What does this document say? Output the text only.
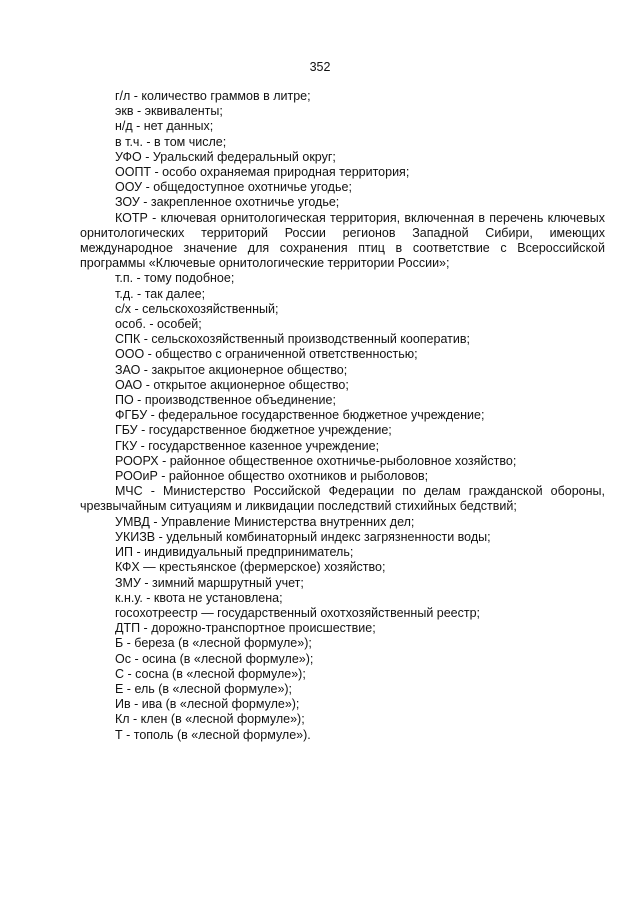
352

г/л - количество граммов в литре;

экв - эквиваленты;

н/д - нет данных;

в т.ч. - в том числе;

УФО - Уральский федеральный округ;

ООПТ - особо охраняемая природная территория;

ООУ - общедоступное охотничье угодье;

ЗОУ - закрепленное охотничье угодье;

КОТР - ключевая орнитологическая территория, включенная в перечень ключевых орнитологических территорий России регионов Западной Сибири, имеющих международное значение для сохранения птиц в соответствие с Всероссийской программы «Ключевые орнитологические территории России»;

т.п. - тому подобное;

т.д. - так далее;

с/х - сельскохозяйственный;

особ. - особей;

СПК - сельскохозяйственный производственный кооператив;

ООО - общество с ограниченной ответственностью;

ЗАО - закрытое акционерное общество;

ОАО - открытое акционерное общество;

ПО - производственное объединение;

ФГБУ - федеральное государственное бюджетное учреждение;

ГБУ - государственное бюджетное учреждение;

ГКУ - государственное казенное учреждение;

РООРХ - районное общественное охотничье-рыболовное хозяйство;

РООиР - районное общество охотников и рыболовов;

МЧС - Министерство Российской Федерации по делам гражданской обороны, чрезвычайным ситуациям и ликвидации последствий стихийных бедствий;

УМВД - Управление Министерства внутренних дел;

УКИЗВ - удельный комбинаторный индекс загрязненности воды;

ИП - индивидуальный предприниматель;

КФХ — крестьянское (фермерское) хозяйство;

ЗМУ - зимний маршрутный учет;

к.н.у. - квота не установлена;

госохотреестр — государственный охотхозяйственный реестр;

ДТП - дорожно-транспортное происшествие;

Б - береза (в «лесной формуле»);

Ос - осина (в «лесной формуле»);

С - сосна (в «лесной формуле»);

Е - ель (в «лесной формуле»);

Ив - ива (в «лесной формуле»);

Кл - клен (в «лесной формуле»);

Т - тополь (в «лесной формуле»).
